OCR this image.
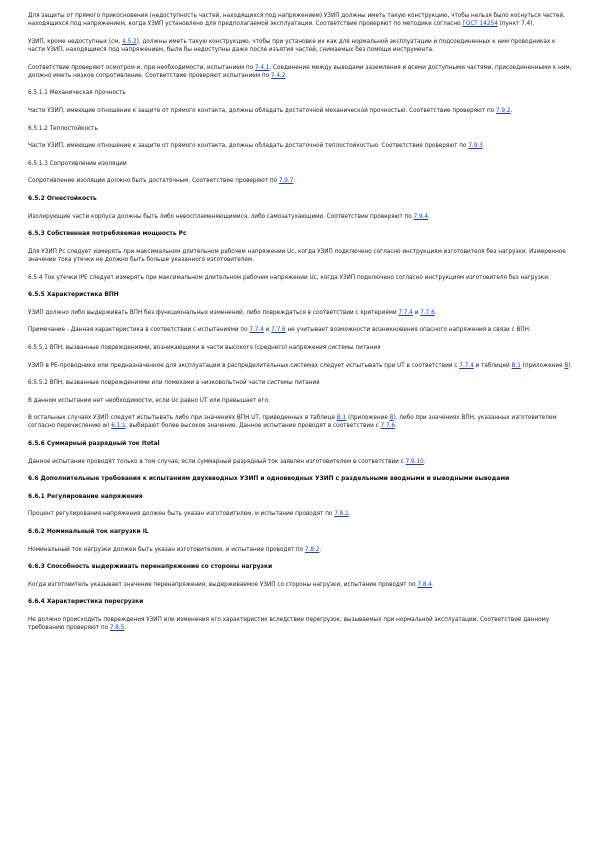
Для защиты от прямого прикосновения (недоступность частей, находящихся под напряжением) УЗИП должны иметь такую конструкцию, чтобы нельзя было коснуться частей, находящихся под напряжением, когда УЗИП установлено для предполагаемой эксплуатации. Соответствие проверяют по методике согласно ГОСТ 14254 (пункт 7.4).

УЗИП, кроме недоступных (см. 4.5.2), должны иметь такую конструкцию, чтобы при установке их как для нормальной эксплуатации и подсоединенных к ним проводниках к части УЗИП, находящиеся под напряжением, были бы недоступны даже после изъятия частей, снимаемых без помощи инструмента.

Соответствие проверяют осмотром и, при необходимости, испытанием по 7.4.1. Соединение между выводами заземления и всеми доступными частями, присоединенными к ним, должно иметь низкое сопротивление. Соответствие проверяют испытанием по 7.4.2.

6.5.1.1 Механическая прочность

Части УЗИП, имеющие отношение к защите от прямого контакта, должны обладать достаточной механической прочностью. Соответствие проверяют по 7.9.2.

6.5.1.2 Теплостойкость

Части УЗИП, имеющие отношение к защите от прямого контакта, должны обладать достаточной теплостойкостью. Соответствие проверяют по 7.9.3.

6.5.1.3 Сопротивление изоляции

Сопротивление изоляции должно быть достаточным. Соответствие проверяют по 7.9.7.

6.5.2 Огнестойкость

Изолирующие части корпуса должны быть либо невоспламеняющимися, либо самозатухающими. Соответствие проверяют по 7.9.4.

6.5.3 Собственная потребляемая мощность Pc

Для УЗИП Pc следует измерять при максимальном длительном рабочем напряжении Uc, когда УЗИП подключено согласно инструкциям изготовителя без нагрузки. Измеренное значение тока утечки не должно быть больше указанного изготовителем.

6.5.4 Ток утечки IPE следует измерять при максимальном длительном рабочем напряжении Uc, когда УЗИП подключено согласно инструкциям изготовителя без нагрузки.

6.5.5 Характеристика ВПН

УЗИП должно либо выдерживать ВПН без функциональных изменений, либо повреждаться в соответствии с критериями 7.7.4 и 7.7.6.

Примечание - Данная характеристика в соответствии с испытаниями по 7.7.4 и 7.7.6 не учитывает возможности возникновения опасного напряжения в связи с ВПН.

6.5.5.1 ВПН, вызванные повреждениями, возникающими в части высокого (среднего) напряжения системы питания

УЗИП в PE-проводнике или предназначенное для эксплуатации в распределительных системах следует испытывать при UT в соответствии с 7.7.4 и таблицей B.1 (приложение B).

6.5.5.2 ВПН, вызванные повреждениями или помехами в низковольтной части системы питания

В данном испытании нет необходимости, если Uc равно UT или превышает его.

В остальных случаях УЗИП следует испытывать либо при значениях ВПН UT, приведенных в таблице B.1 (приложение B), либо при значениях ВПН, указанных изготовителем согласно перечислению w) 6.1.1, выбирают более высокое значение. Данное испытание проводят в соответствии с 7.7.6.

6.5.6 Суммарный разрядный ток Itotal

Данное испытание проводят только в том случае, если суммарный разрядный ток заявлен изготовителем в соответствии с 7.9.10.

6.6 Дополнительные требования к испытаниям двухвводных УЗИП и одновводных УЗИП с раздельными вводными и выводными выводами

6.6.1 Регулирование напряжения

Процент регулирования напряжения должен быть указан изготовителем, и испытание проводят по 7.8.1.

6.6.2 Номинальный ток нагрузки IL

Номинальный ток нагрузки должен быть указан изготовителем, и испытание проводят по 7.8.2.

6.6.3 Способность выдерживать перенапряжение со стороны нагрузки

Когда изготовитель указывает значение перенапряжения, выдерживаемое УЗИП со стороны нагрузки, испытание проводят по 7.8.4.

6.6.4 Характеристика перегрузки

Не должно происходить повреждения УЗИП или изменения его характеристик вследствие перегрузок, вызываемых при нормальной эксплуатации. Соответствие данному требованию проверяют по 7.8.5.
